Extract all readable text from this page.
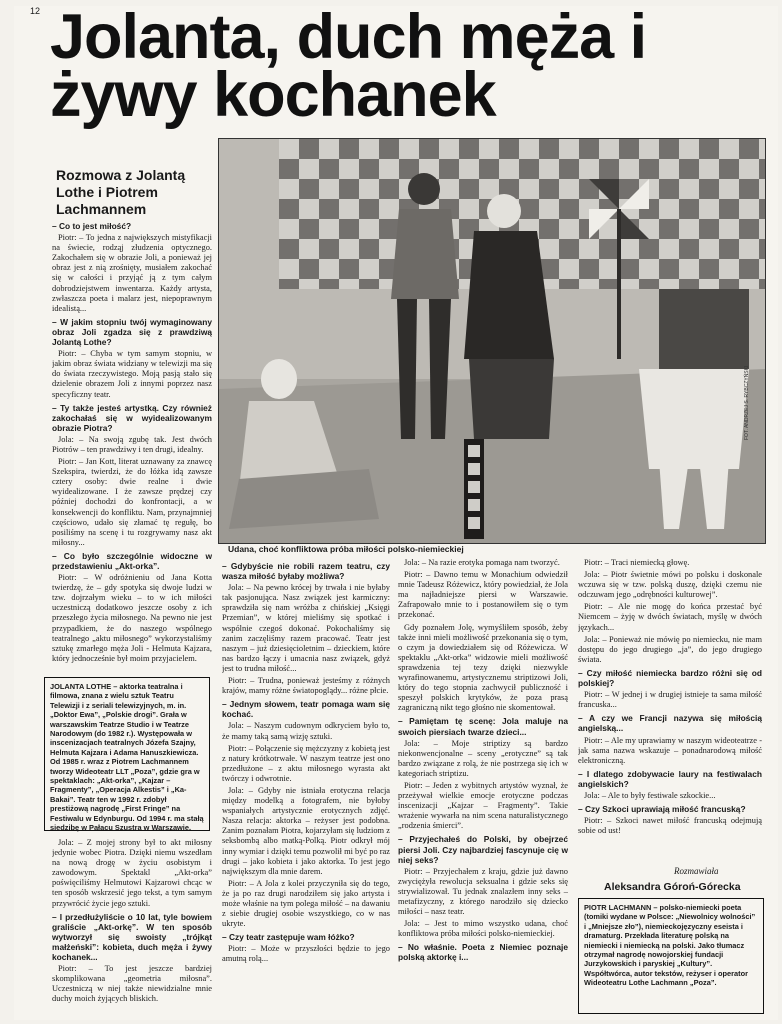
12 Jolanta, duch męża i żywy kochanek
Rozmowa z Jolantą Lothe i Piotrem Lachmannem

– Co to jest miłość?

Piotr: – To jedna z największych mistyfikacji na świecie, rodząj złudzenia optycznego. Zakochałem się w obrazie Joli, a ponieważ jej obraz jest z nią zrośnięty, musiałem zakochać się w całości i przyjąć ją z tym całym dobrodziejstwem inwentarza. Każdy artysta, zwłaszcza poeta i malarz jest, niepoprawnym idealistą...

– W jakim stopniu twój wymaginowany obraz Joli zgadza się z prawdziwą Jolantą Lothe?

Piotr: – Chyba w tym samym stopniu, w jakim obraz świata widziany w telewizji ma się do świata rzeczywistego. Moją pasją stało się dzielenie obrazem Joli z innymi poprzez nasz specyficzny teatr.

– Ty także jesteś artystką. Czy również zakochałaś się w wyidealizowanym obrazie Piotra?

Jola: – Na swoją zgubę tak. Jest dwóch Piotrów – ten prawdziwy i ten drugi, idealny.

Piotr: – Jan Kott, literat uznawany za znawcę Szekspira, twierdzi, że do łóżka idą zawsze cztery osoby: dwie realne i dwie wyidealizowane. I że zawsze prędzej czy później dochodzi do konfrontacji, a w konsekwencji do konfliktu. Nam, przynajmniej częściowo, udało się złamać tę regułę, bo posiliśmy na scenę i tu rozgrywamy nasz akt miłosny...

– Co było szczególnie widoczne w przedstawieniu „Akt-orka”.

Piotr: – W odróżnieniu od Jana Kotta twierdzę, że – gdy spotyka się dwoje ludzi w tzw. dojrzałym wieku – to w ich miłości uczestniczą dodatkowo jeszcze osoby z ich przeszłego życia miłosnego. Na pewno nie jest przypadkiem, że do naszego wspólnego teatralnego „aktu miłosnego” wykorzystaliśmy sztukę zmarłego męża Joli - Helmuta Kajzara, który jednocześnie był moim przyjacielem.

JOLANTA LOTHE – aktorka teatralna i filmowa, znana z wielu sztuk Teatru Telewizji i z seriali telewizyjnych, m. in. „Doktor Ewa”, „Polskie drogi”. Grała w warszawskim Teatrze Studio i w Teatrze Narodowym (do 1982 r.). Występowała w inscenizacjach teatralnych Józefa Szajny, Helmuta Kajzara i Adama Hanuszkiewicza. Od 1985 r. wraz z Piotrem Lachmannem tworzy Wideoteatr LLT „Poza”, gdzie gra w spektaklach: „Akt-orka”, „Kajzar – Fragmenty”, „Operacja Alkestis” i „Ka-Bakai”. Teatr ten w 1992 r. zdobył prestiżową nagrodę „First Fringe” na Festiwalu w Edynburgu. Od 1994 r. ma stałą siedzibę w Pałacu Szustra w Warszawie.

Jola: – Z mojej strony był to akt miłosny jedynie wobec Piotra. Dzięki niemu wszedłam na nową drogę w życiu osobistym i zawodowym. Spektakl „Akt-orka” poświęciliśmy Helmutowi Kajzarowi chcąc w ten sposób wskrzesić jego tekst, a tym samym przywrócić życie jego sztuki.

– I przedłużyliście o 10 lat, tyle bowiem graliście „Akt-orkę”. W ten sposób wytworzył się swoisty „trójkąt małżeński”: kobieta, duch męża i żywy kochanek...

Piotr: – To jest jeszcze bardziej skomplikowana „geometria miłosna”. Uczestniczą w niej także niewidzialne mnie duchy moich żyjących bliskich.

FOT. ANDRZEJ S. RYBCZYŃSKI
Udana, choć konfliktowa próba miłości polsko-niemieckiej

– Gdybyście nie robili razem teatru, czy wasza miłość byłaby możliwa?

Jola: – Na pewno krócej by trwała i nie byłaby tak pasjonująca. Nasz związek jest karmiczny: sprawdziła się nam wróżba z chińskiej „Księgi Przemian”, w której mieliśmy się spotkać i wspólnie czegoś dokonać. Pokochaliśmy się zanim zaczęliśmy razem pracować. Teatr jest naszym – już dziesięcioletnim – dzieckiem, które nas bardzo łączy i umacnia nasz związek, gdyż jest to trudna miłość...

Piotr: – Trudna, ponieważ jesteśmy z różnych krajów, mamy różne światopoglądy... różne płcie.

– Jednym słowem, teatr pomaga wam się kochać.

Jola: – Naszym cudownym odkryciem było to, że mamy taką samą wizję sztuki.

Piotr: – Połączenie się mężczyzny z kobietą jest z natury krótkotrwałe. W naszym teatrze jest ono przedłużone – z aktu miłosnego wyrasta akt twórczy i odwrotnie.

Jola: – Gdyby nie istniała erotyczna relacja między modelką a fotografem, nie byłoby wspaniałych artystycznie erotycznych zdjęć. Nasza relacja: aktorka – reżyser jest podobna. Zanim poznałam Piotra, kojarzyłam się ludziom z seksbombą albo matką-Polką. Piotr odkrył mój inny wymiar i dzięki temu pozwolił mi być po raz drugi – jako kobieta i jako aktorka. To jest jego największym dla mnie darem.

Piotr: – A Jola z kolei przyczyniła się do tego, że ja po raz drugi narodziłem się jako artysta i może właśnie na tym polega miłość – na dawaniu z siebie drugiej osobie wszystkiego, co w nas ukryte.

– Czy teatr zastępuje wam łóżko?

Piotr: – Może w przyszłości będzie to jego amutną rolą...

Jola: – Na razie erotyka pomaga nam tworzyć.

Piotr: – Dawno temu w Monachium odwiedził mnie Tadeusz Różewicz, który powiedział, że Jola ma najładniejsze piersi w Warszawie. Zafrapowało mnie to i postanowiłem się o tym przekonać.

Gdy poznałem Jolę, wymyśliłem sposób, żeby także inni mieli możliwość przekonania się o tym, o czym ja dowiedziałem się od Różewicza. W spektaklu „Akt-orka” widzowie mieli możliwość sprawdzenia tej tezy dzięki niezwykle wyrafinowanemu, artystycznemu striptizowi Joli, który do tego stopnia zachwycił publiczność i speszył polskich krytyków, że poza prasą zagraniczną nikt tego głośno nie skomentował.

– Pamiętam tę scenę: Jola maluje na swoich piersiach twarze dzieci...

Jola: – Moje striptizy są bardzo niekonwencjonalne – sceny „erotyczne” są tak bardzo związane z rolą, że nie postrzega się ich w kategoriach striptizu.

Piotr: – Jeden z wybitnych artystów wyznał, że przeżywał wielkie emocje erotyczne podczas inscenizacji „Kajzar – Fragmenty”. Takie wrażenie wywarła na nim scena naturalistycznego „rodzenia śmierci”.

– Przyjechałeś do Polski, by obejrzeć piersi Joli. Czy najbardziej fascynuje cię w niej seks?

Piotr: – Przyjechałem z kraju, gdzie już dawno zwyciężyła rewolucja seksualna i gdzie seks się strywializował. Tu jednak znalazłem inny seks – metafizyczny, z którego narodziło się dziecko miłości – nasz teatr.

Jola: – Jest to mimo wszystko udana, choć konfliktowa próba miłości polsko-niemieckiej.

– No właśnie. Poeta z Niemiec poznaje polską aktorkę i...

Piotr: – Traci niemiecką głowę.

Jola: – Piotr świetnie mówi po polsku i doskonale wczuwa się w tzw. polską duszę, dzięki czemu nie odczuwam jego „odrębności kulturowej”.

Piotr: – Ale nie mogę do końca przestać być Niemcem – żyję w dwóch światach, myślę w dwóch językach...

Jola: – Ponieważ nie mówię po niemiecku, nie mam dostępu do jego drugiego „ja”, do jego drugiego świata.

– Czy miłość niemiecka bardzo różni się od polskiej?

Piotr: – W jednej i w drugiej istnieje ta sama miłość francuska...

– A czy we Francji nazywa się miłością angielską...

Piotr: – Ale my uprawiamy w naszym wideoteatrze - jak sama nazwa wskazuje – ponadnarodową miłość elektroniczną.

– I dlatego zdobywacie laury na festiwalach angielskich?

Jola: – Ale to były festiwale szkockie...

– Czy Szkoci uprawiają miłość francuską?

Piotr: – Szkoci nawet miłość francuską odejmują sobie od ust!

Rozmawiała
Aleksandra Góroń-Górecka
PIOTR LACHMANN – polsko-niemiecki poeta (tomiki wydane w Polsce: „Niewolnicy wolności” i „Mniejsze zło”), niemieckojęzyczny eseista i dramaturg. Przekłada literaturę polską na niemiecki i niemiecką na polski. Jako tłumacz otrzymał nagrodę nowojorskiej fundacji Jurzykowskich i paryskiej „Kultury”. Współtwórca, autor tekstów, reżyser i operator Wideoteatru Lothe Lachmann „Poza”.
